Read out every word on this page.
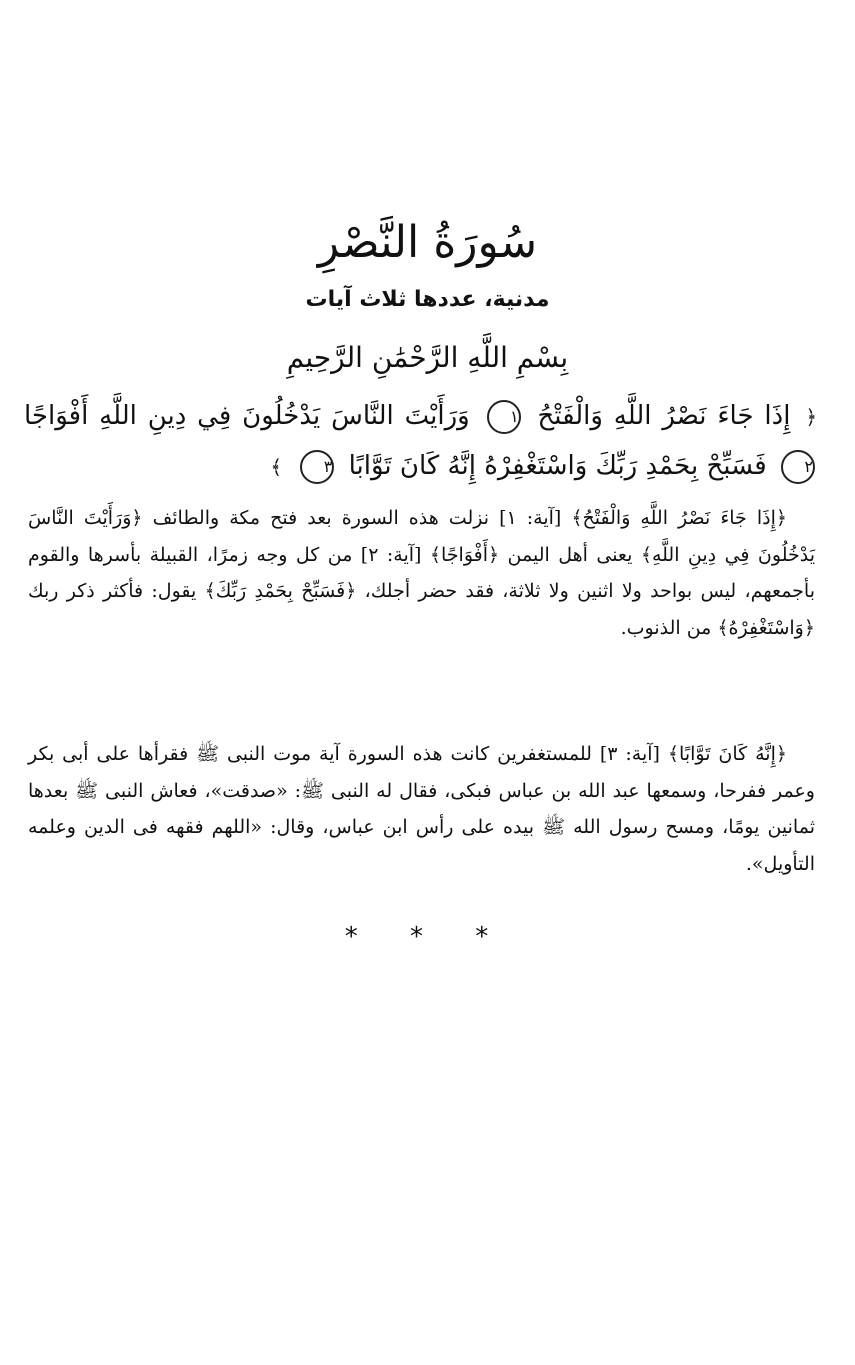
سُورَةُ النَّصْرِ
مدنية، عددها ثلاث آيات
بِسْمِ اللَّهِ الرَّحْمَٰنِ الرَّحِيمِ
﴿ إِذَا جَاءَ نَصْرُ اللَّهِ وَالْفَتْحُ ١ وَرَأَيْتَ النَّاسَ يَدْخُلُونَ فِي دِينِ اللَّهِ أَفْوَاجًا ٢ فَسَبِّحْ بِحَمْدِ رَبِّكَ وَاسْتَغْفِرْهُ إِنَّهُ كَانَ تَوَّابًا ٣ ﴾

﴿إِذَا جَاءَ نَصْرُ اللَّهِ وَالْفَتْحُ﴾ [آية: ١] نزلت هذه السورة بعد فتح مكة والطائف ﴿وَرَأَيْتَ النَّاسَ يَدْخُلُونَ فِي دِينِ اللَّهِ﴾ يعنى أهل اليمن ﴿أَفْوَاجًا﴾ [آية: ٢] من كل وجه زمرًا، القبيلة بأسرها والقوم بأجمعهم، ليس بواحد ولا اثنين ولا ثلاثة، فقد حضر أجلك، ﴿فَسَبِّحْ بِحَمْدِ رَبِّكَ﴾ يقول: فأكثر ذكر ربك ﴿وَاسْتَغْفِرْهُ﴾ من الذنوب.

﴿إِنَّهُ كَانَ تَوَّابًا﴾ [آية: ٣] للمستغفرين كانت هذه السورة آية موت النبى ﷺ فقرأها على أبى بكر وعمر ففرحا، وسمعها عبد الله بن عباس فبكى، فقال له النبى ﷺ: «صدقت»، فعاش النبى ﷺ بعدها ثمانين يومًا، ومسح رسول الله ﷺ بيده على رأس ابن عباس، وقال: «اللهم فقهه فى الدين وعلمه التأويل».

* * *
